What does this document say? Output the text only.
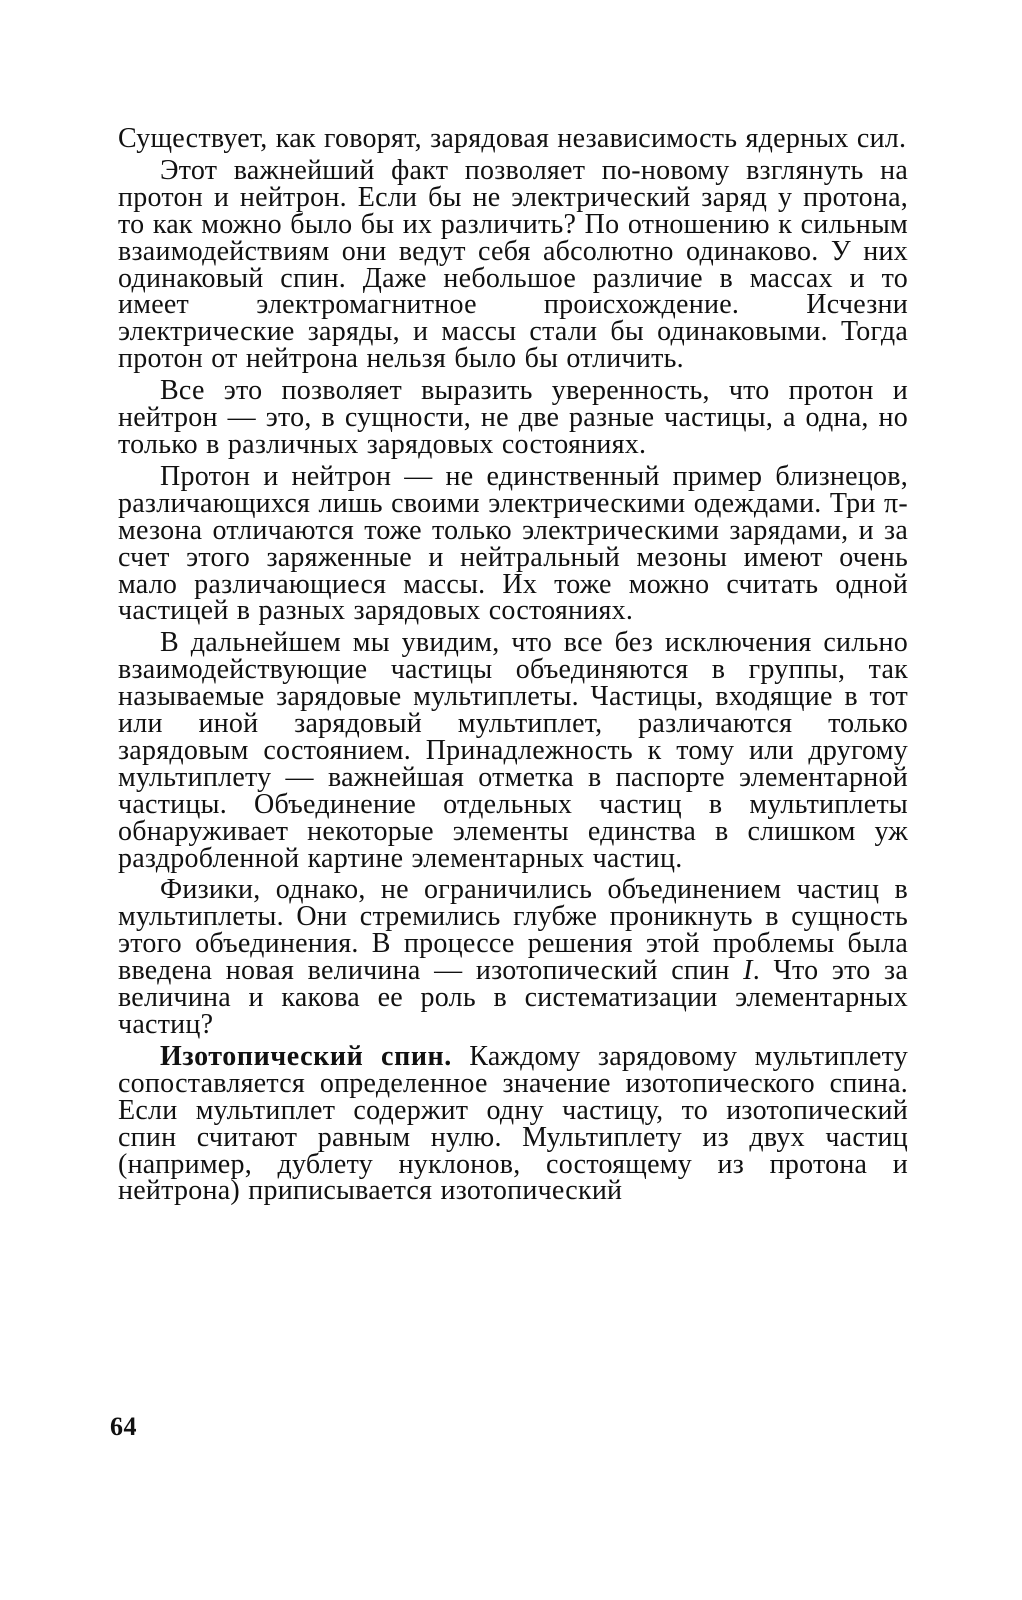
Существует, как говорят, зарядовая независимость ядерных сил.

Этот важнейший факт позволяет по-новому взглянуть на протон и нейтрон. Если бы не электрический заряд у протона, то как можно было бы их различить? По отношению к сильным взаимодействиям они ведут себя абсолютно одинаково. У них одинаковый спин. Даже небольшое различие в массах и то имеет электромагнитное происхождение. Исчезни электрические заряды, и массы стали бы одинаковыми. Тогда протон от нейтрона нельзя было бы отличить.

Все это позволяет выразить уверенность, что протон и нейтрон — это, в сущности, не две разные частицы, а одна, но только в различных зарядовых состояниях.

Протон и нейтрон — не единственный пример близнецов, различающихся лишь своими электрическими одеждами. Три π-мезона отличаются тоже только электрическими зарядами, и за счет этого заряженные и нейтральный мезоны имеют очень мало различающиеся массы. Их тоже можно считать одной частицей в разных зарядовых состояниях.

В дальнейшем мы увидим, что все без исключения сильно взаимодействующие частицы объединяются в группы, так называемые зарядовые мультиплеты. Частицы, входящие в тот или иной зарядовый мультиплет, различаются только зарядовым состоянием. Принадлежность к тому или другому мультиплету — важнейшая отметка в паспорте элементарной частицы. Объединение отдельных частиц в мультиплеты обнаруживает некоторые элементы единства в слишком уж раздробленной картине элементарных частиц.

Физики, однако, не ограничились объединением частиц в мультиплеты. Они стремились глубже проникнуть в сущность этого объединения. В процессе решения этой проблемы была введена новая величина — изотопический спин I. Что это за величина и какова ее роль в систематизации элементарных частиц?

Изотопический спин. Каждому зарядовому мультиплету сопоставляется определенное значение изотопического спина. Если мультиплет содержит одну частицу, то изотопический спин считают равным нулю. Мультиплету из двух частиц (например, дублету нуклонов, состоящему из протона и нейтрона) приписывается изотопический

64
